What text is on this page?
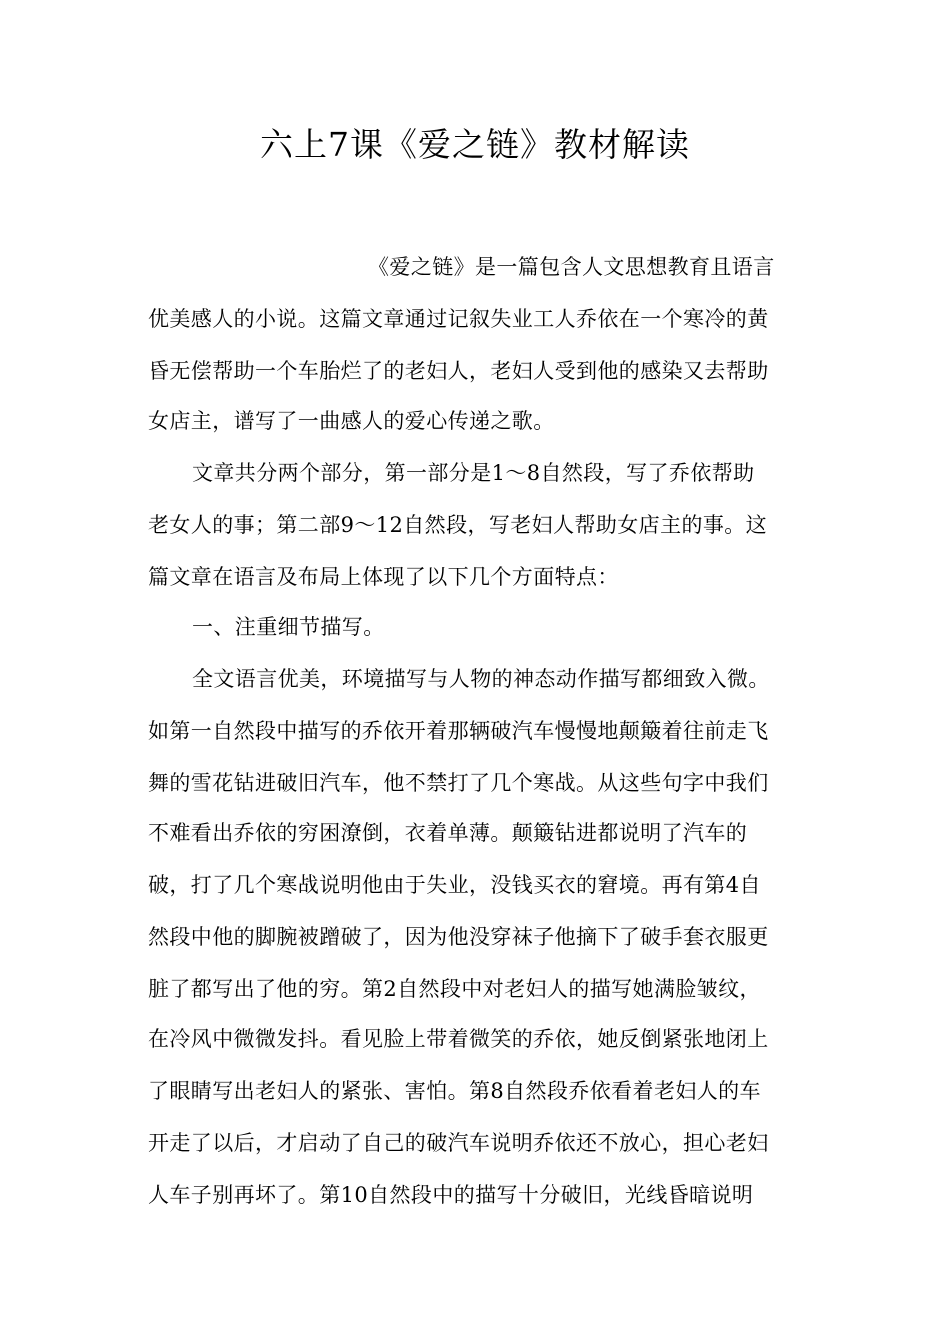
六上7课《爱之链》教材解读
《爱之链》是一篇包含人文思想教育且语言
优美感人的小说。这篇文章通过记叙失业工人乔依在一个寒冷的黄
昏无偿帮助一个车胎烂了的老妇人，老妇人受到他的感染又去帮助
女店主，谱写了一曲感人的爱心传递之歌。
文章共分两个部分，第一部分是1～8自然段，写了乔依帮助
老女人的事；第二部9～12自然段，写老妇人帮助女店主的事。这
篇文章在语言及布局上体现了以下几个方面特点：
一、注重细节描写。
全文语言优美，环境描写与人物的神态动作描写都细致入微。
如第一自然段中描写的乔依开着那辆破汽车慢慢地颠簸着往前走飞
舞的雪花钻进破旧汽车，他不禁打了几个寒战。从这些句字中我们
不难看出乔依的穷困潦倒，衣着单薄。颠簸钻进都说明了汽车的
破，打了几个寒战说明他由于失业，没钱买衣的窘境。再有第4自
然段中他的脚腕被蹭破了，因为他没穿袜子他摘下了破手套衣服更
脏了都写出了他的穷。第2自然段中对老妇人的描写她满脸皱纹，
在冷风中微微发抖。看见脸上带着微笑的乔依，她反倒紧张地闭上
了眼睛写出老妇人的紧张、害怕。第8自然段乔依看着老妇人的车
开走了以后，才启动了自己的破汽车说明乔依还不放心，担心老妇
人车子别再坏了。第10自然段中的描写十分破旧，光线昏暗说明
